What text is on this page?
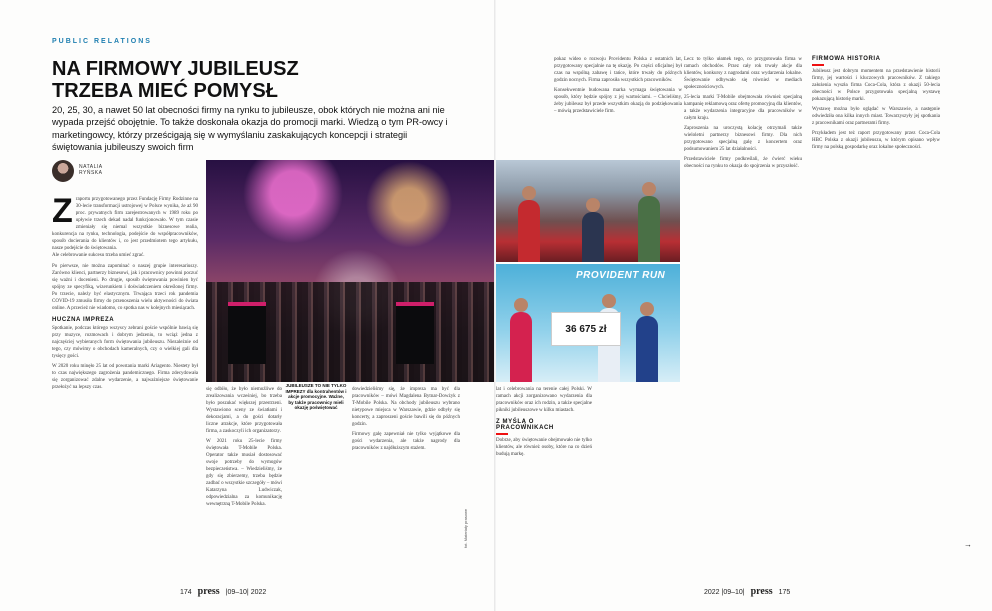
PUBLIC RELATIONS
NA FIRMOWY JUBILEUSZ
TRZEBA MIEĆ POMYSŁ

20, 25, 30, a nawet 50 lat obecności firmy na rynku to jubileusze, obok których nie można ani nie wypada przejść obojętnie. To także doskonała okazja do promocji marki. Wiedzą o tym PR-owcy i marketingowcy, którzy prześcigają się w wymyślaniu zaskakujących koncepcji i strategii świętowania jubileuszy swoich firm

NATALIA
RYŃSKA

Zraportu przygotowanego przez Fundację Firmy Rodzinne na 30-lecie transformacji ustrojowej w Polsce wynika, że aż 90 proc. prywatnych firm zarejestrowanych w 1989 roku po upływie trzech dekad nadal funkcjonowało. W tym czasie zmieniały się niemal wszystkie biznesowe realia, konkurencja na rynku, technologia, podejście do współpracowników, sposób docierania do klientów i, co jest przedmiotem tego artykułu, nasze podejście do świętowania.

Ale celebrowanie sukcesu trzeba umieć zgrać.

Po pierwsze, nie można zapominać o naszej grupie interesariuszy. Zarówno klienci, partnerzy biznesowi, jak i pracownicy powinni poczuć się ważni i docenieni. Po drugie, sposób świętowania powinien być spójny ze specyfiką, wizerunkiem i doświadczeniem określonej firmy. Po trzecie, należy być elastycznym. Trwająca trzeci rok pandemia COVID-19 zmusiła firmy do przenoszenia wielu aktywności do świata online. A przecież nie wiadomo, co spotka nas w kolejnych miesiącach.

HUCZNA IMPREZA

Spotkanie, podczas którego wszyscy zebrani goście wspólnie bawią się przy muzyce, rozmowach i dobrym jedzeniu, to wciąż jedna z najczęściej wybieranych form świętowania jubileuszu. Niezależnie od tego, czy mówimy o obchodach kameralnych, czy o wielkiej gali dla tysięcy gości.

W 2020 roku minęło 25 lat od powstania marki Ariagento. Niestety był to czas największego zagrożenia pandemicznego. Firma zdecydowała się zorganizować zdalne wydarzenie, a najważniejsze świętowanie przełożyć na lepszy czas.	się odbiło, że było niemożliwe do zrealizowania wcześniej, bo trzeba było poszukać większej przestrzeni. Wystawiono sceny ze światłami i dekoracjami, a do gości dotarły liczne atrakcje, które przygotowała firma, a zaskoczyli ich organizatorzy.

W 2021 roku 25-lecie firmy świętowała T-Mobile Polska. Operator także musiał dostosować swoje potrzeby do wymogów bezpieczeństwa. – Wiedzieliśmy, że gdy się zbierzemy, trzeba będzie zadbać o wszystkie szczegóły – mówi Katarzyna Ludwiczak, odpowiedzialna za komunikację wewnętrzną T-Mobile Polska.

JUBILEUSZE TO NIE TYLKO IMPREZY dla kontrahentów i akcje promocyjne. Ważne, by także pracownicy mieli okazję poświętować

dowiedzieliśmy się, że impreza ma być dla pracowników – mówi Magdalena Bytnar-Dowżyk z T-Mobile Polska. Na obchody jubileuszu wybrano nietypowe miejsca w Warszawie, gdzie odbyły się koncerty, a zaproszeni goście bawili się do późnych godzin.

Firmowy galę zapewniał nie tylko wyjątkowe dla gości wydarzenia, ale także nagrody dla pracowników z najdłuższym stażem.

fot. Materiały prasowe
174 press |09–10| 2022

pokaz wideo o rozwoju Providentu Polska z ostatnich lat, przygotowany specjalnie na tę okazję. Po części oficjalnej był czas na wspólną zabawę i tańce, które trwały do późnych godzin nocnych. Firma zaprosiła wszystkich pracowników.

Konsekwentnie budowana marka wymaga świętowania w sposób, który będzie spójny z jej wartościami. – Chcieliśmy, żeby jubileusz był przede wszystkim okazją do podziękowania – mówią przedstawiciele firm.

PROVIDENT RUN
36 675 zł

lat i celebrowania na terenie całej Polski. W ramach akcji zorganizowano wydarzenia dla pracowników oraz ich rodzin, a także specjalne pikniki jubileuszowe w kilku miastach.

Z MYŚLĄ O PRACOWNIKACH

Dobrze, aby świętowanie obejmowało nie tylko klientów, ale również osoby, które na co dzień budują markę.

Lecz to tylko ułamek tego, co przygotowała firma w ramach obchodów. Przez cały rok trwały akcje dla klientów, konkursy z nagrodami oraz wydarzenia lokalne. Świętowanie odbywało się również w mediach społecznościowych.

25-lecia marki T-Mobile obejmowała również specjalną kampanię reklamową oraz ofertę promocyjną dla klientów, a także wydarzenia integracyjne dla pracowników w całym kraju.

Zaproszenia na uroczystą kolację otrzymali także wieloletni partnerzy biznesowi firmy. Dla nich przygotowano specjalną galę z koncertem oraz podsumowaniem 25 lat działalności.

Przedstawiciele firmy podkreślali, że ćwierć wieku obecności na rynku to okazja do spojrzenia w przyszłość.

FIRMOWA HISTORIA

Jubileusz jest dobrym momentem na przedstawienie historii firmy, jej wartości i kluczowych pracowników. Z takiego założenia wyszła firma Coca-Cola, która z okazji 50-lecia obecności w Polsce przygotowała specjalną wystawę pokazującą historię marki.

Wystawę można było oglądać w Warszawie, a następnie odwiedziła ona kilka innych miast. Towarzyszyły jej spotkania z pracownikami oraz partnerami firmy.

Przykładem jest też raport przygotowany przez Coca-Cola HBC Polska z okazji jubileuszu, w którym opisano wpływ firmy na polską gospodarkę oraz lokalne społeczności.

→
2022 |09–10| press 175
